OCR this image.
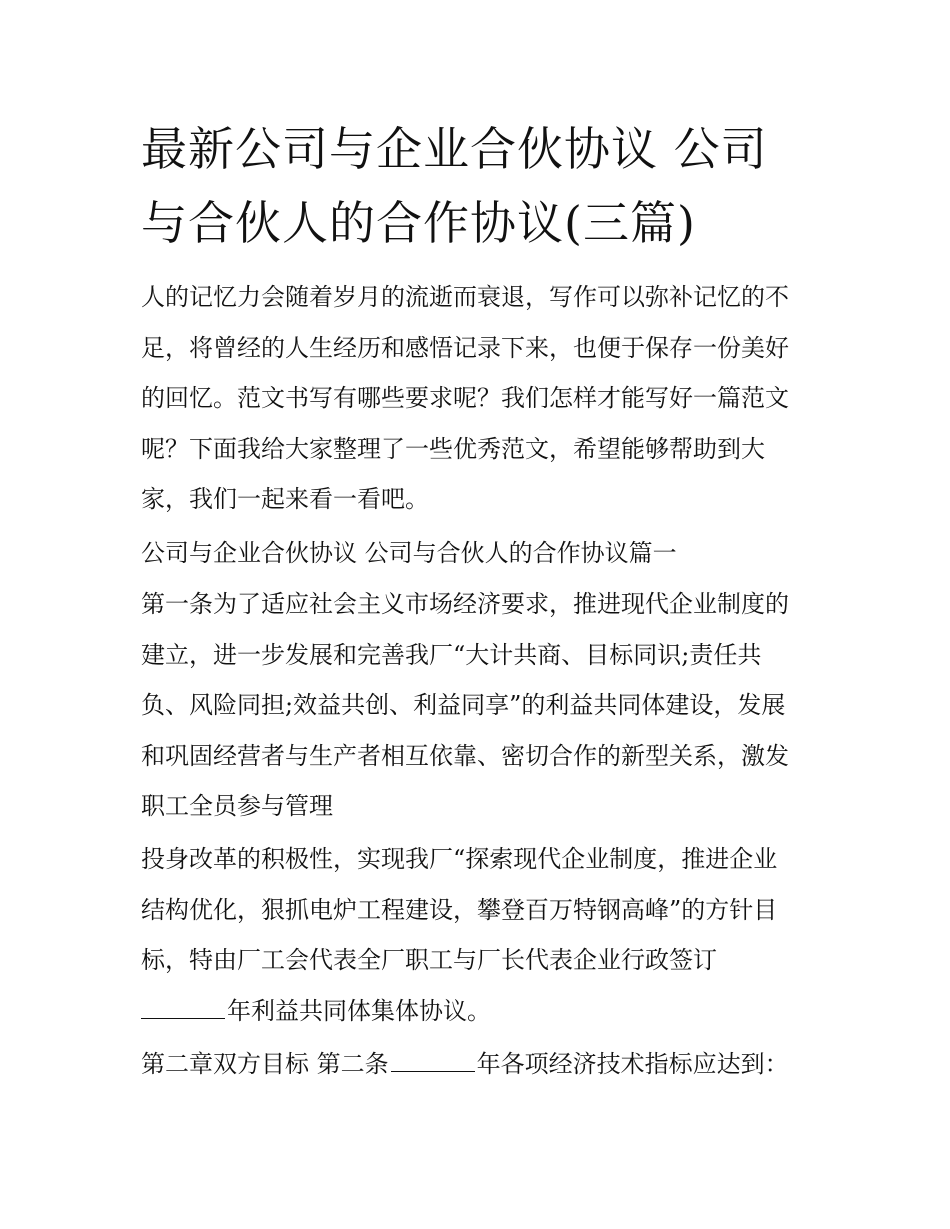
最新公司与企业合伙协议 公司
与合伙人的合作协议(三篇)
人的记忆力会随着岁月的流逝而衰退，写作可以弥补记忆的不
足，将曾经的人生经历和感悟记录下来，也便于保存一份美好
的回忆。范文书写有哪些要求呢？我们怎样才能写好一篇范文
呢？下面我给大家整理了一些优秀范文，希望能够帮助到大
家，我们一起来看一看吧。
公司与企业合伙协议 公司与合伙人的合作协议篇一
第一条为了适应社会主义市场经济要求，推进现代企业制度的
建立，进一步发展和完善我厂“大计共商、目标同识;责任共
负、风险同担;效益共创、利益同享”的利益共同体建设，发展
和巩固经营者与生产者相互依靠、密切合作的新型关系，激发
职工全员参与管理
投身改革的积极性，实现我厂“探索现代企业制度，推进企业
结构优化，狠抓电炉工程建设，攀登百万特钢高峰”的方针目
标，特由厂工会代表全厂职工与厂长代表企业行政签订
年利益共同体集体协议。
第二章双方目标 第二条	年各项经济技术指标应达到：
